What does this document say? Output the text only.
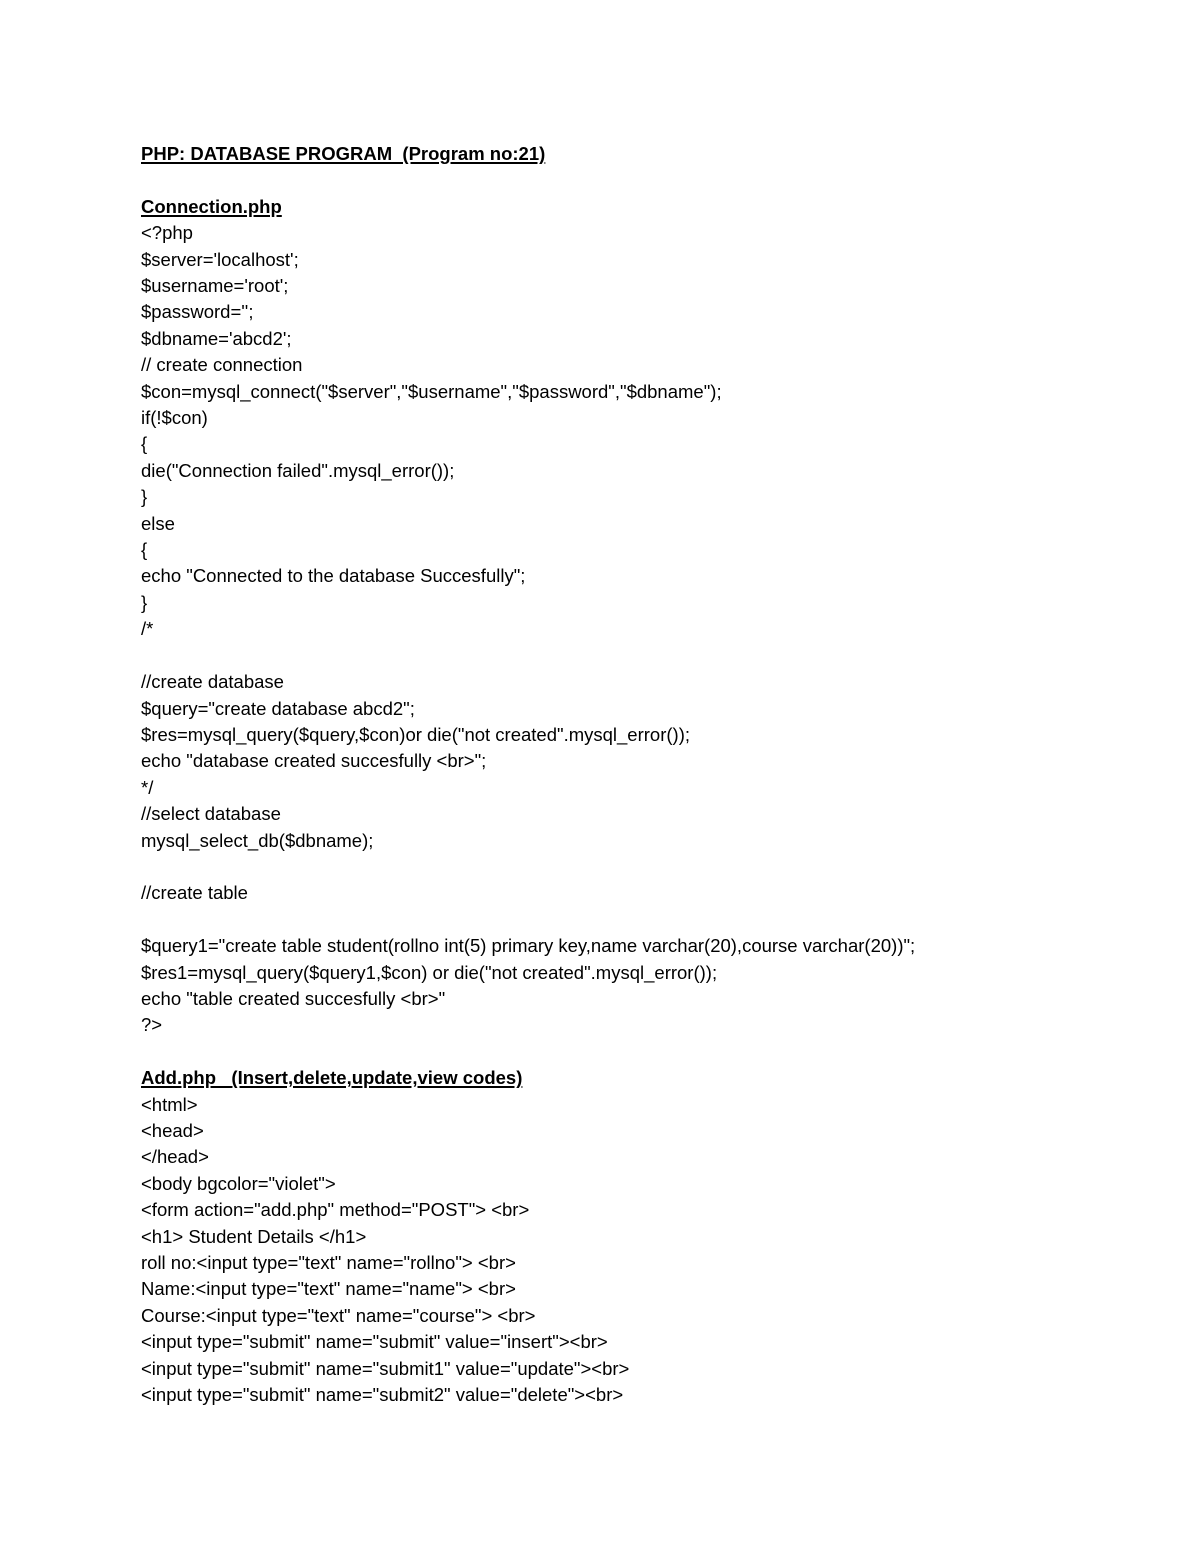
PHP: DATABASE PROGRAM  (Program no:21)
Connection.php
<?php
$server='localhost';
$username='root';
$password='';
$dbname='abcd2';
// create connection
$con=mysql_connect("$server","$username","$password","$dbname");
if(!$con)
{
die("Connection failed".mysql_error());
}
else
{
echo "Connected to the database Succesfully";
}
/*
//create database
$query="create database abcd2";
$res=mysql_query($query,$con)or die("not created".mysql_error());
echo "database created succesfully <br>";
*/
//select database
mysql_select_db($dbname);
//create table
$query1="create table student(rollno int(5) primary key,name varchar(20),course varchar(20))";
$res1=mysql_query($query1,$con) or die("not created".mysql_error());
echo "table created succesfully <br>"
?>
Add.php   (Insert,delete,update,view codes)
<html>
<head>
</head>
<body bgcolor="violet">
<form action="add.php" method="POST"> <br>
<h1> Student Details </h1>
roll no:<input type="text" name="rollno"> <br>
Name:<input type="text" name="name"> <br>
Course:<input type="text" name="course"> <br>
<input type="submit" name="submit" value="insert"><br>
<input type="submit" name="submit1" value="update"><br>
<input type="submit" name="submit2" value="delete"><br>
